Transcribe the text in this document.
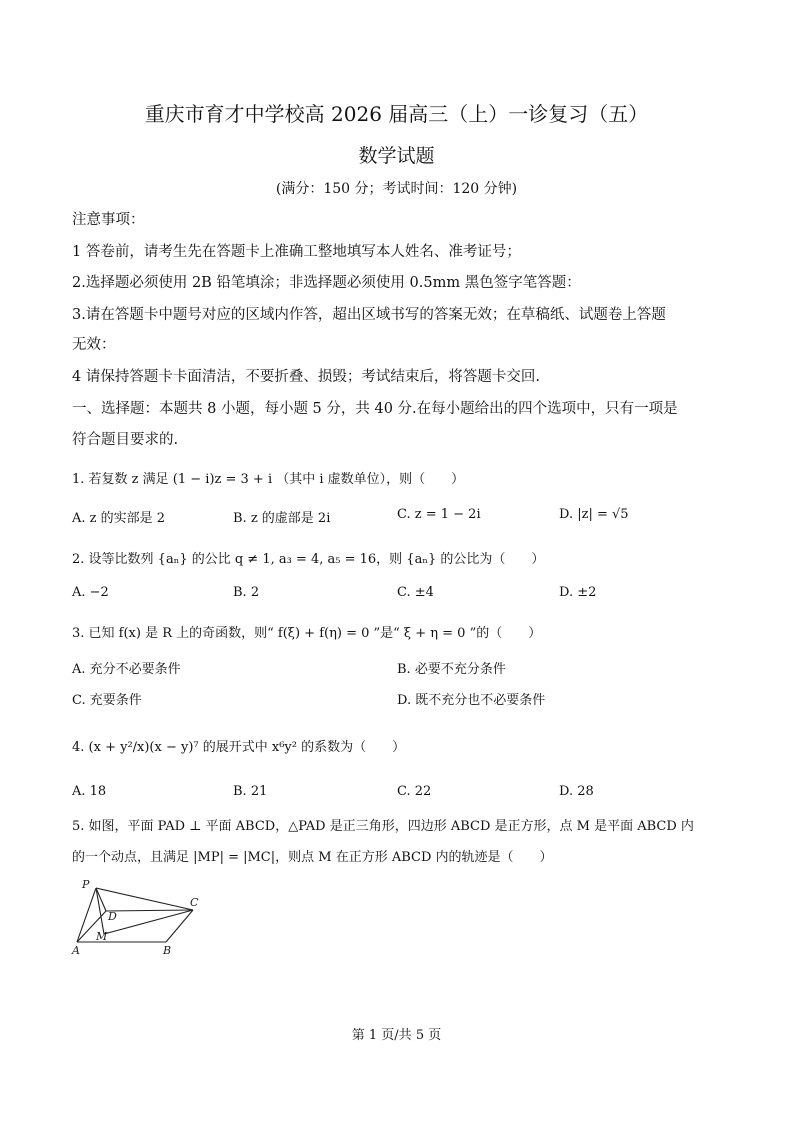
重庆市育才中学校高 2026 届高三（上）一诊复习（五）
数学试题
(满分：150 分；考试时间：120 分钟)
注意事项：
1 答卷前，请考生先在答题卡上准确工整地填写本人姓名、准考证号；
2.选择题必须使用 2B 铅笔填涂；非选择题必须使用 0.5mm 黑色签字笔答题：
3.请在答题卡中题号对应的区域内作答，超出区域书写的答案无效；在草稿纸、试题卷上答题
无效：
4 请保持答题卡卡面清洁，不要折叠、损毁；考试结束后，将答题卡交回.
一、选择题：本题共 8 小题，每小题 5 分，共 40 分.在每小题给出的四个选项中，只有一项是
符合题目要求的.
1. 若复数 z 满足 (1 − i)z = 3 + i （其中 i 虚数单位），则（　　）
A. z 的实部是 2	B. z 的虚部是 2i	C. z = 1 − 2i	D. |z| = √5
2. 设等比数列 {aₙ} 的公比 q ≠ 1, a₃ = 4, a₅ = 16，则 {aₙ} 的公比为（　　）
A. −2	B. 2	C. ±4	D. ±2
3. 已知 f(x) 是 R 上的奇函数，则“ f(ξ) + f(η) = 0 ”是“ ξ + η = 0 ”的（　　）
A. 充分不必要条件	B. 必要不充分条件
C. 充要条件	D. 既不充分也不必要条件
4. (x + y²/x)(x − y)⁷ 的展开式中 x⁶y² 的系数为（　　）
A. 18	B. 21	C. 22	D. 28
5. 如图，平面 PAD ⊥ 平面 ABCD，△PAD 是正三角形，四边形 ABCD 是正方形，点 M 是平面 ABCD 内
的一个动点，且满足 |MP| = |MC|，则点 M 在正方形 ABCD 内的轨迹是（　　）
P
D
M
C
A	B
第 1 页/共 5 页
